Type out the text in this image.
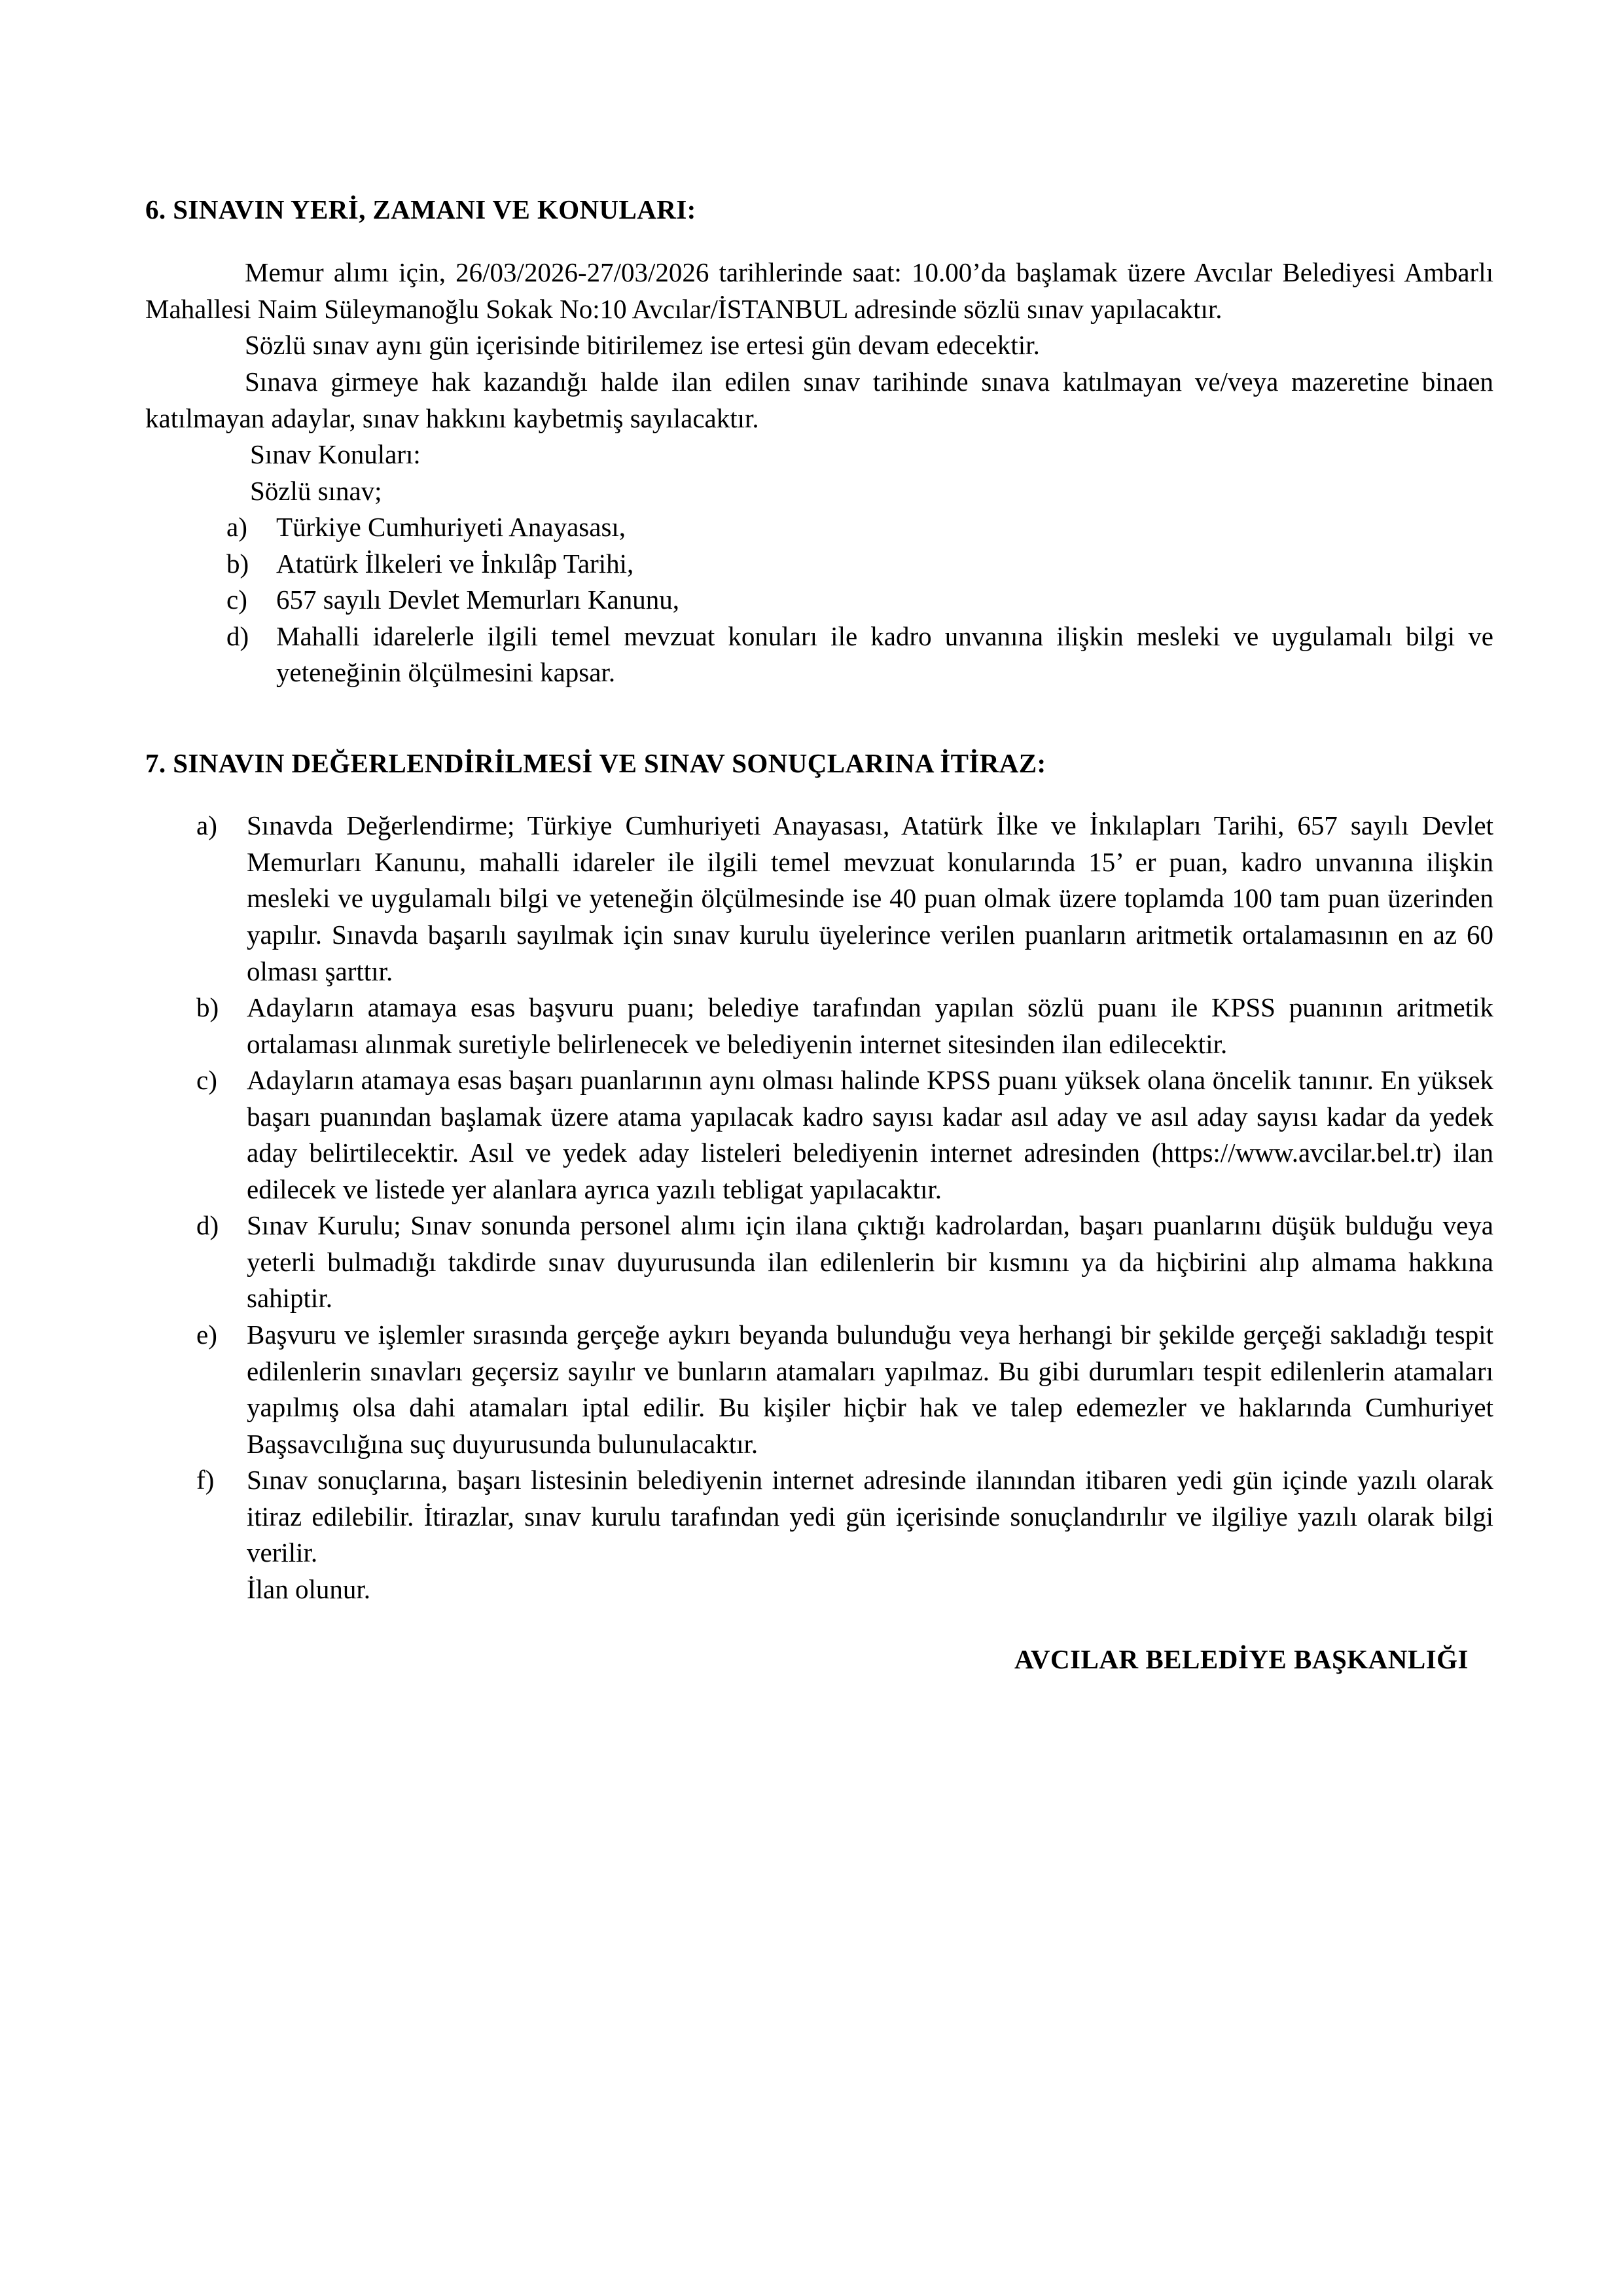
6. SINAVIN YERİ, ZAMANI VE KONULARI:

Memur alımı için, 26/03/2026-27/03/2026 tarihlerinde saat: 10.00’da başlamak üzere Avcılar Belediyesi Ambarlı Mahallesi Naim Süleymanoğlu Sokak No:10 Avcılar/İSTANBUL adresinde sözlü sınav yapılacaktır.

Sözlü sınav aynı gün içerisinde bitirilemez ise ertesi gün devam edecektir.

Sınava girmeye hak kazandığı halde ilan edilen sınav tarihinde sınava katılmayan ve/veya mazeretine binaen katılmayan adaylar, sınav hakkını kaybetmiş sayılacaktır.

Sınav Konuları:
Sözlü sınav;
a)	Türkiye Cumhuriyeti Anayasası,
b)	Atatürk İlkeleri ve İnkılâp Tarihi,
c)	657 sayılı Devlet Memurları Kanunu,
d)	Mahalli idarelerle ilgili temel mevzuat konuları ile kadro unvanına ilişkin mesleki ve uygulamalı bilgi ve yeteneğinin ölçülmesini kapsar.
7. SINAVIN DEĞERLENDİRİLMESİ VE SINAV SONUÇLARINA İTİRAZ:
a)	Sınavda Değerlendirme; Türkiye Cumhuriyeti Anayasası, Atatürk İlke ve İnkılapları Tarihi, 657 sayılı Devlet Memurları Kanunu, mahalli idareler ile ilgili temel mevzuat konularında 15’ er puan, kadro unvanına ilişkin mesleki ve uygulamalı bilgi ve yeteneğin ölçülmesinde ise 40 puan olmak üzere toplamda 100 tam puan üzerinden yapılır. Sınavda başarılı sayılmak için sınav kurulu üyelerince verilen puanların aritmetik ortalamasının en az 60 olması şarttır.
b)	Adayların atamaya esas başvuru puanı; belediye tarafından yapılan sözlü puanı ile KPSS puanının aritmetik ortalaması alınmak suretiyle belirlenecek ve belediyenin internet sitesinden ilan edilecektir.
c)	Adayların atamaya esas başarı puanlarının aynı olması halinde KPSS puanı yüksek olana öncelik tanınır. En yüksek başarı puanından başlamak üzere atama yapılacak kadro sayısı kadar asıl aday ve asıl aday sayısı kadar da yedek aday belirtilecektir. Asıl ve yedek aday listeleri belediyenin internet adresinden (https://www.avcilar.bel.tr) ilan edilecek ve listede yer alanlara ayrıca yazılı tebligat yapılacaktır.
d)	Sınav Kurulu; Sınav sonunda personel alımı için ilana çıktığı kadrolardan, başarı puanlarını düşük bulduğu veya yeterli bulmadığı takdirde sınav duyurusunda ilan edilenlerin bir kısmını ya da hiçbirini alıp almama hakkına sahiptir.
e)	Başvuru ve işlemler sırasında gerçeğe aykırı beyanda bulunduğu veya herhangi bir şekilde gerçeği sakladığı tespit edilenlerin sınavları geçersiz sayılır ve bunların atamaları yapılmaz. Bu gibi durumları tespit edilenlerin atamaları yapılmış olsa dahi atamaları iptal edilir. Bu kişiler hiçbir hak ve talep edemezler ve haklarında Cumhuriyet Başsavcılığına suç duyurusunda bulunulacaktır.
f)	Sınav sonuçlarına, başarı listesinin belediyenin internet adresinde ilanından itibaren yedi gün içinde yazılı olarak itiraz edilebilir. İtirazlar, sınav kurulu tarafından yedi gün içerisinde sonuçlandırılır ve ilgiliye yazılı olarak bilgi verilir.
İlan olunur.
AVCILAR BELEDİYE BAŞKANLIĞI
